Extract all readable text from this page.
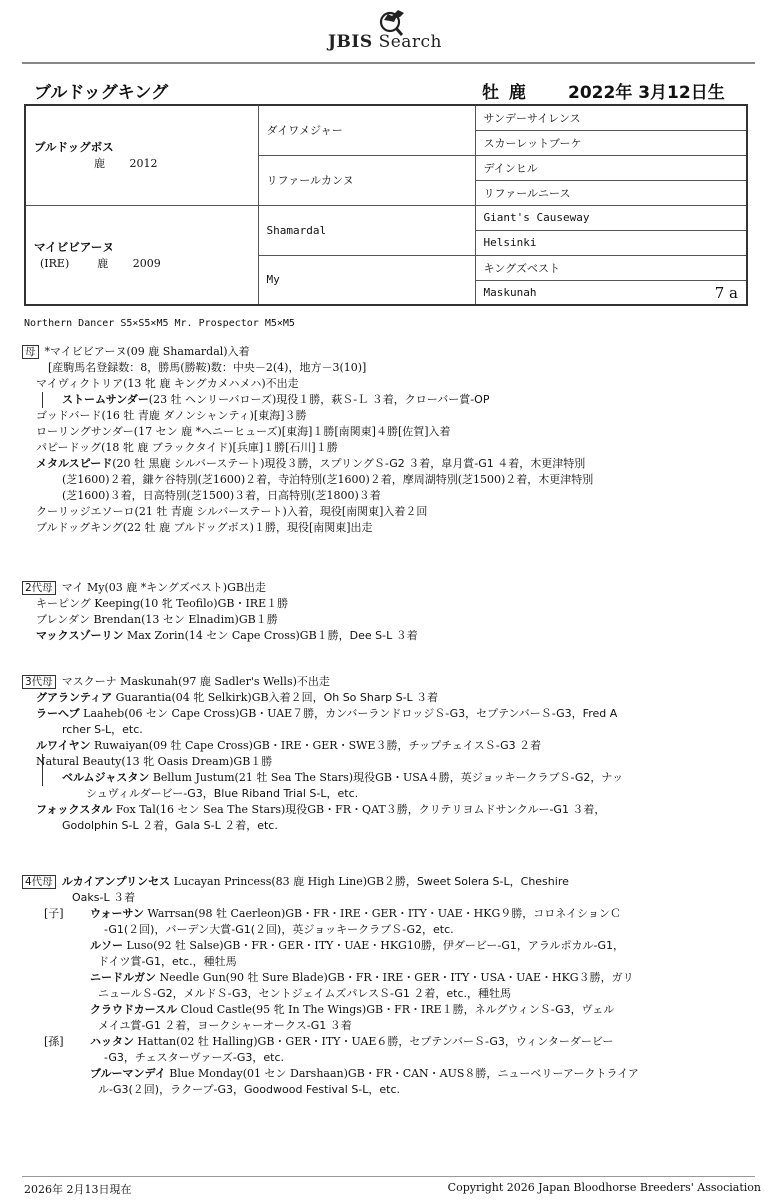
JBIS Search
ブルドッグキング	牡 鹿 2022年 3月12日生
ブルドッグボス
鹿 2012	ダイワメジャー	サンデーサイレンス
		スカーレットブーケ
	リファールカンヌ	デインヒル
		リファールニース

マイビビアーヌ
(IRE) 鹿 2009	Shamardal	Giant's Causeway
		Helsinki
	My	キングズベスト
		Maskunah 7 a
Northern Dancer S5×S5×M5 Mr. Prospector M5×M5
母 *マイビビアーヌ(09 鹿 Shamardal)入着
[産駒馬名登録数：8，勝馬(勝鞍)数：中央－2(4)，地方－3(10)]
マイヴィクトリア(13 牝 鹿 キングカメハメハ)不出走
ストームサンダー(23 牡 ヘンリーバローズ)現役１勝，萩Ｓ-Ｌ ３着，クローバー賞-OP
ゴッドバード(16 牡 青鹿 ダノンシャンティ)[東海]３勝
ローリングサンダー(17 セン 鹿 *ヘニーヒューズ)[東海]１勝[南関東]４勝[佐賀]入着
パピードッグ(18 牝 鹿 ブラックタイド)[兵庫]１勝[石川]１勝
メタルスピード(20 牡 黒鹿 シルバーステート)現役３勝，スプリングＳ-G2 ３着，皐月賞-G1 ４着，木更津特別
(芝1600)２着，鎌ケ谷特別(芝1600)２着，寺泊特別(芝1600)２着，摩周湖特別(芝1500)２着，木更津特別
(芝1600)３着，日高特別(芝1500)３着，日高特別(芝1800)３着
クーリッジエソーロ(21 牡 青鹿 シルバーステート)入着，現役[南関東]入着２回
ブルドッグキング(22 牡 鹿 ブルドッグボス)１勝，現役[南関東]出走
2代母 マイ My(03 鹿 *キングズベスト)GB出走
キーピング Keeping(10 牝 Teofilo)GB・IRE１勝
ブレンダン Brendan(13 セン Elnadim)GB１勝
マックスゾーリン Max Zorin(14 セン Cape Cross)GB１勝，Dee S-L ３着
3代母 マスクーナ Maskunah(97 鹿 Sadler's Wells)不出走
グアランティア Guarantia(04 牝 Selkirk)GB入着２回，Oh So Sharp S-L ３着
ラーへブ Laaheb(06 セン Cape Cross)GB・UAE７勝，カンバーランドロッジＳ-G3，セプテンバーＳ-G3，Fred A
rcher S-L，etc.
ルワイヤン Ruwaiyan(09 牡 Cape Cross)GB・IRE・GER・SWE３勝，チップチェイスＳ-G3 ２着
Natural Beauty(13 牝 Oasis Dream)GB１勝
ベルムジャスタン Bellum Justum(21 牡 Sea The Stars)現役GB・USA４勝，英ジョッキークラブＳ-G2，ナッ
シュヴィルダービー-G3，Blue Riband Trial S-L，etc.
フォックスタル Fox Tal(16 セン Sea The Stars)現役GB・FR・QAT３勝，クリテリヨムドサンクルー-G1 ３着，
Godolphin S-L ２着，Gala S-L ２着，etc.
4代母 ルカイアンプリンセス Lucayan Princess(83 鹿 High Line)GB２勝，Sweet Solera S-L，Cheshire
Oaks-L ３着
[子] ウォーサン Warrsan(98 牡 Caerleon)GB・FR・IRE・GER・ITY・UAE・HKG９勝，コロネイションＣ
-G1(２回)，バーデン大賞-G1(２回)，英ジョッキークラブＳ-G2，etc.
ルソー Luso(92 牡 Salse)GB・FR・GER・ITY・UAE・HKG10勝，伊ダービー-G1，アラルポカル-G1，
ドイツ賞-G1，etc.，種牡馬
ニードルガン Needle Gun(90 牡 Sure Blade)GB・FR・IRE・GER・ITY・USA・UAE・HKG３勝，ガリ
ニュールＳ-G2，メルドＳ-G3，セントジェイムズパレスＳ-G1 ２着，etc.，種牡馬
クラウドカースル Cloud Castle(95 牝 In The Wings)GB・FR・IRE１勝，ネルグウィンＳ-G3，ヴェル
メイユ賞-G1 ２着，ヨークシャーオークス-G1 ３着
[孫] ハッタン Hattan(02 牡 Halling)GB・GER・ITY・UAE６勝，セプテンバーＳ-G3，ウィンターダービー
-G3，チェスターヴァーズ-G3，etc.
ブルーマンデイ Blue Monday(01 セン Darshaan)GB・FR・CAN・AUS８勝，ニューベリーアークトライア
ル-G3(２回)，ラクープ-G3，Goodwood Festival S-L，etc.
2026年 2月13日現在	Copyright 2026 Japan Bloodhorse Breeders' Association
